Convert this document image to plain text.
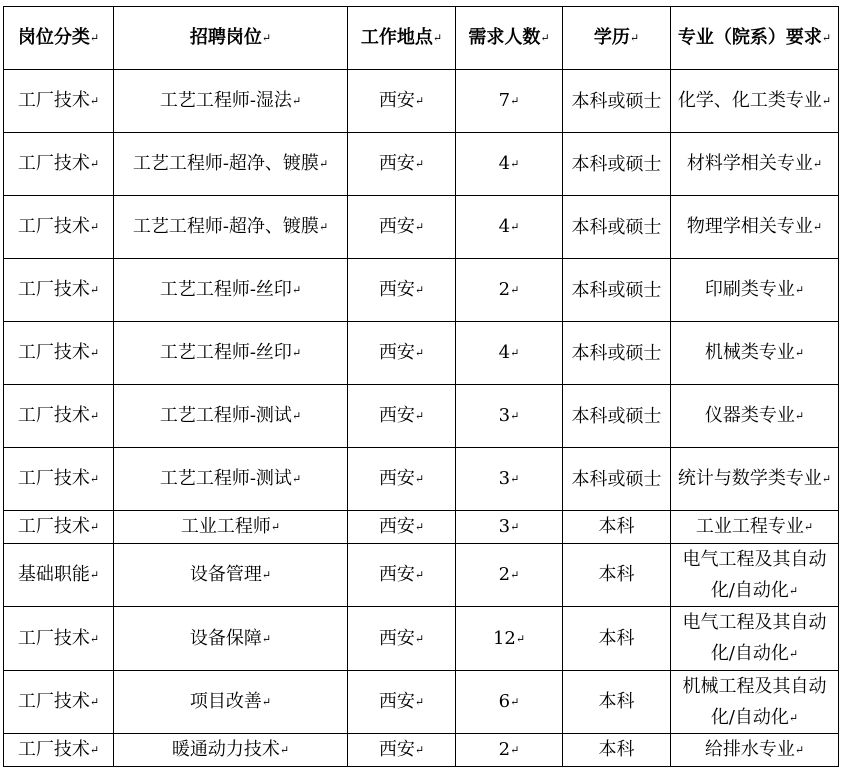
岗位分类↵	招聘岗位↵	工作地点↵	需求人数↵	学历↵	专业（院系）要求↵
工厂技术↵	工艺工程师-湿法↵	西安↵	7↵	本科或硕士	化学、化工类专业↵
工厂技术↵	工艺工程师-超净、镀膜↵	西安↵	4↵	本科或硕士	材料学相关专业↵
工厂技术↵	工艺工程师-超净、镀膜↵	西安↵	4↵	本科或硕士	物理学相关专业↵
工厂技术↵	工艺工程师-丝印↵	西安↵	2↵	本科或硕士	印刷类专业↵
工厂技术↵	工艺工程师-丝印↵	西安↵	4↵	本科或硕士	机械类专业↵
工厂技术↵	工艺工程师-测试↵	西安↵	3↵	本科或硕士	仪器类专业↵
工厂技术↵	工艺工程师-测试↵	西安↵	3↵	本科或硕士	统计与数学类专业↵
工厂技术↵	工业工程师↵	西安↵	3↵	本科	工业工程专业↵
基础职能↵	设备管理↵	西安↵	2↵	本科	电气工程及其自动化/自动化↵
工厂技术↵	设备保障↵	西安↵	12↵	本科	电气工程及其自动化/自动化↵
工厂技术↵	项目改善↵	西安↵	6↵	本科	机械工程及其自动化/自动化↵
工厂技术↵	暖通动力技术↵	西安↵	2↵	本科	给排水专业↵
